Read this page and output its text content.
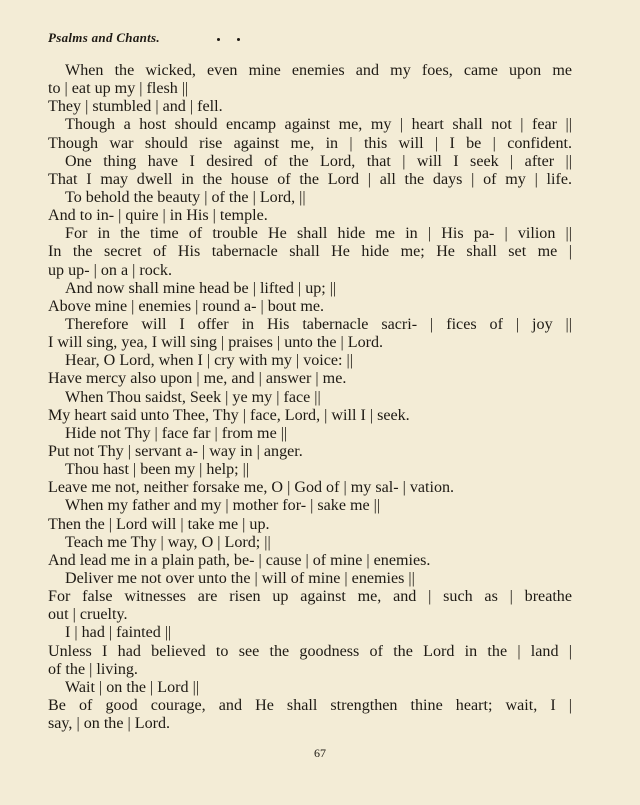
Psalms and Chants.
When the wicked, even mine enemies and my foes, came upon me
to | eat up my | flesh ||
They | stumbled | and | fell.
Though a host should encamp against me, my | heart shall not | fear ||
Though war should rise against me, in | this will | I be | confident.
One thing have I desired of the Lord, that | will I seek | after ||
That I may dwell in the house of the Lord | all the days | of my | life.
To behold the beauty | of the | Lord, ||
And to in- | quire | in His | temple.
For in the time of trouble He shall hide me in | His pa- | vilion ||
In the secret of His tabernacle shall He hide me; He shall set me |
up up- | on a | rock.
And now shall mine head be | lifted | up; ||
Above mine | enemies | round a- | bout me.
Therefore will I offer in His tabernacle sacri- | fices of | joy ||
I will sing, yea, I will sing | praises | unto the | Lord.
Hear, O Lord, when I | cry with my | voice: ||
Have mercy also upon | me, and | answer | me.
When Thou saidst, Seek | ye my | face ||
My heart said unto Thee, Thy | face, Lord, | will I | seek.
Hide not Thy | face far | from me ||
Put not Thy | servant a- | way in | anger.
Thou hast | been my | help; ||
Leave me not, neither forsake me, O | God of | my sal- | vation.
When my father and my | mother for- | sake me ||
Then the | Lord will | take me | up.
Teach me Thy | way, O | Lord; ||
And lead me in a plain path, be- | cause | of mine | enemies.
Deliver me not over unto the | will of mine | enemies ||
For false witnesses are risen up against me, and | such as | breathe
out | cruelty.
I | had | fainted ||
Unless I had believed to see the goodness of the Lord in the | land |
of the | living.
Wait | on the | Lord ||
Be of good courage, and He shall strengthen thine heart; wait, I |
say, | on the | Lord.
67
